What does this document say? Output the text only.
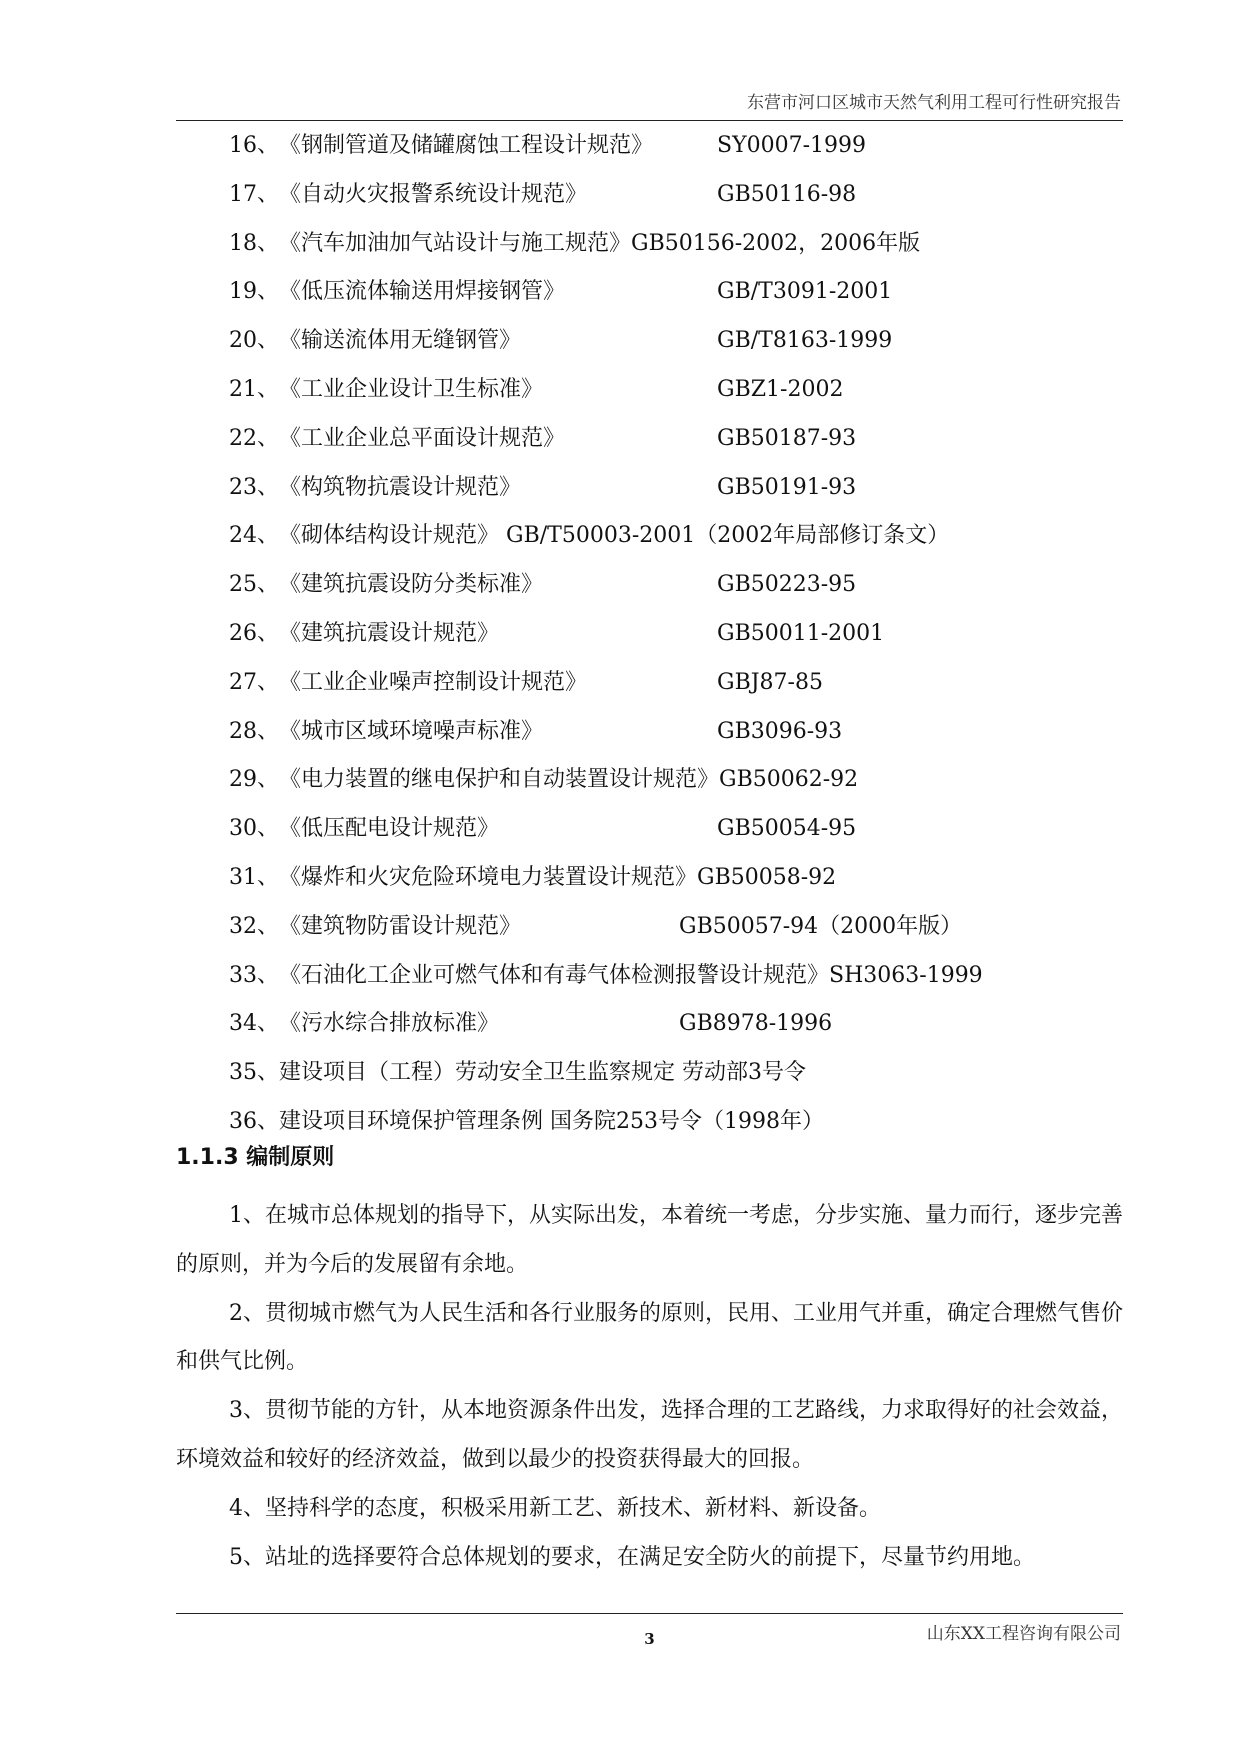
东营市河口区城市天然气利用工程可行性研究报告
16、《钢制管道及储罐腐蚀工程设计规范》	SY0007-1999
17、《自动火灾报警系统设计规范》	GB50116-98
18、《汽车加油加气站设计与施工规范》GB50156-2002，2006年版
19、《低压流体输送用焊接钢管》	GB/T3091-2001
20、《输送流体用无缝钢管》	GB/T8163-1999
21、《工业企业设计卫生标准》	GBZ1-2002
22、《工业企业总平面设计规范》	GB50187-93
23、《构筑物抗震设计规范》	GB50191-93
24、《砌体结构设计规范》 GB/T50003-2001（2002年局部修订条文）
25、《建筑抗震设防分类标准》	GB50223-95
26、《建筑抗震设计规范》	GB50011-2001
27、《工业企业噪声控制设计规范》	GBJ87-85
28、《城市区域环境噪声标准》	GB3096-93
29、《电力装置的继电保护和自动装置设计规范》GB50062-92
30、《低压配电设计规范》	GB50054-95
31、《爆炸和火灾危险环境电力装置设计规范》GB50058-92
32、《建筑物防雷设计规范》	GB50057-94（2000年版）
33、《石油化工企业可燃气体和有毒气体检测报警设计规范》SH3063-1999
34、《污水综合排放标准》	GB8978-1996
35、建设项目（工程）劳动安全卫生监察规定 劳动部3号令
36、建设项目环境保护管理条例 国务院253号令（1998年）
1.1.3 编制原则

1、在城市总体规划的指导下，从实际出发，本着统一考虑，分步实施、量力而行，逐步完善的原则，并为今后的发展留有余地。

2、贯彻城市燃气为人民生活和各行业服务的原则，民用、工业用气并重，确定合理燃气售价和供气比例。

3、贯彻节能的方针，从本地资源条件出发，选择合理的工艺路线，力求取得好的社会效益，环境效益和较好的经济效益，做到以最少的投资获得最大的回报。

4、坚持科学的态度，积极采用新工艺、新技术、新材料、新设备。

5、站址的选择要符合总体规划的要求，在满足安全防火的前提下，尽量节约用地。

山东XX工程咨询有限公司
3
